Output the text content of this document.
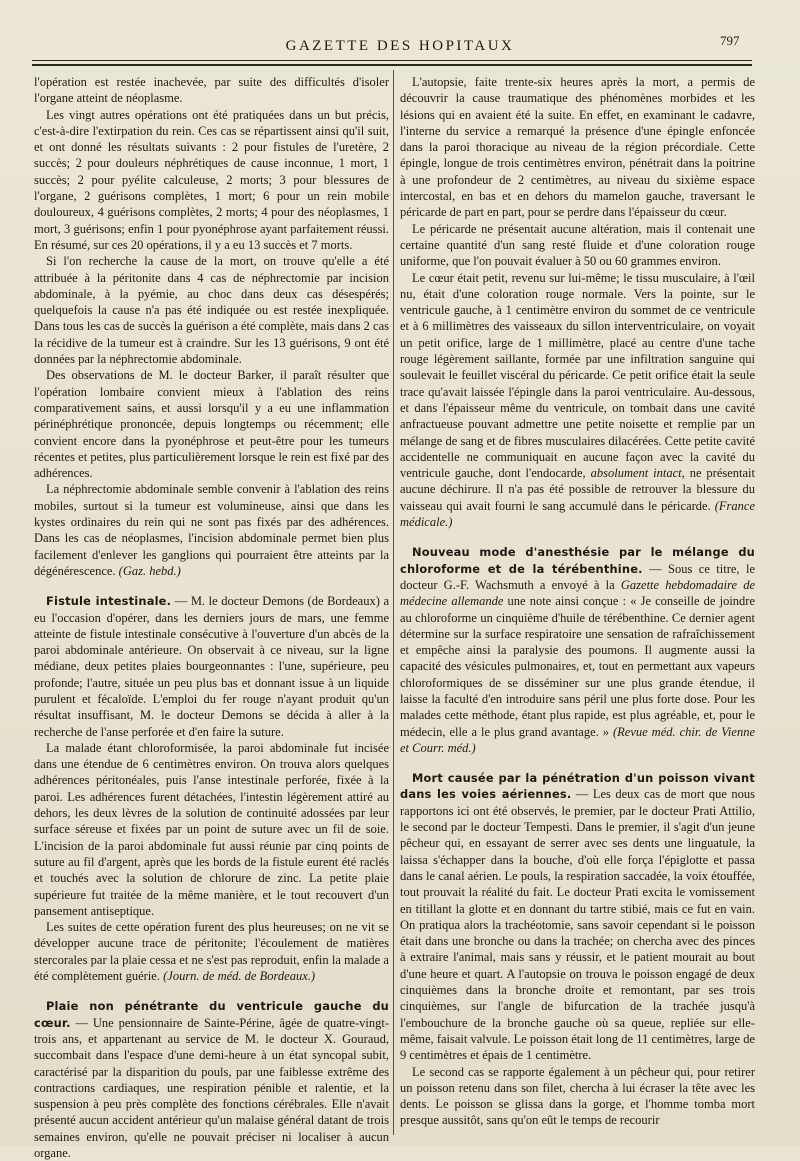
GAZETTE DES HOPITAUX	797

l'opération est restée inachevée, par suite des difficultés d'isoler l'organe atteint de néoplasme.

Les vingt autres opérations ont été pratiquées dans un but précis, c'est-à-dire l'extirpation du rein. Ces cas se répartissent ainsi qu'il suit, et ont donné les résultats suivants : 2 pour fistules de l'uretère, 2 succès; 2 pour douleurs néphrétiques de cause inconnue, 1 mort, 1 succès; 2 pour pyélite calculeuse, 2 morts; 3 pour blessures de l'organe, 2 guérisons complètes, 1 mort; 6 pour un rein mobile douloureux, 4 guérisons complètes, 2 morts; 4 pour des néoplasmes, 1 mort, 3 guérisons; enfin 1 pour pyonéphrose ayant parfaitement réussi. En résumé, sur ces 20 opérations, il y a eu 13 succès et 7 morts.

Si l'on recherche la cause de la mort, on trouve qu'elle a été attribuée à la péritonite dans 4 cas de néphrectomie par incision abdominale, à la pyémie, au choc dans deux cas désespérés; quelquefois la cause n'a pas été indiquée ou est restée inexpliquée. Dans tous les cas de succès la guérison a été complète, mais dans 2 cas la récidive de la tumeur est à craindre. Sur les 13 guérisons, 9 ont été données par la néphrectomie abdominale.

Des observations de M. le docteur Barker, il paraît résulter que l'opération lombaire convient mieux à l'ablation des reins comparativement sains, et aussi lorsqu'il y a eu une inflammation périnéphrétique prononcée, depuis longtemps ou récemment; elle convient encore dans la pyonéphrose et peut-être pour les tumeurs récentes et petites, plus particulièrement lorsque le rein est fixé par des adhérences.

La néphrectomie abdominale semble convenir à l'ablation des reins mobiles, surtout si la tumeur est volumineuse, ainsi que dans les kystes ordinaires du rein qui ne sont pas fixés par des adhérences. Dans les cas de néoplasmes, l'incision abdominale permet bien plus facilement d'enlever les ganglions qui pourraient être atteints par la dégénérescence. (Gaz. hebd.)

Fistule intestinale. — M. le docteur Demons (de Bordeaux) a eu l'occasion d'opérer, dans les derniers jours de mars, une femme atteinte de fistule intestinale consécutive à l'ouverture d'un abcès de la paroi abdominale antérieure. On observait à ce niveau, sur la ligne médiane, deux petites plaies bourgeonnantes : l'une, supérieure, peu profonde; l'autre, située un peu plus bas et donnant issue à un liquide purulent et fécaloïde. L'emploi du fer rouge n'ayant produit qu'un résultat insuffisant, M. le docteur Demons se décida à aller à la recherche de l'anse perforée et d'en faire la suture.

La malade étant chloroformisée, la paroi abdominale fut incisée dans une étendue de 6 centimètres environ. On trouva alors quelques adhérences péritonéales, puis l'anse intestinale perforée, fixée à la paroi. Les adhérences furent détachées, l'intestin légèrement attiré au dehors, les deux lèvres de la solution de continuité adossées par leur surface séreuse et fixées par un point de suture avec un fil de soie. L'incision de la paroi abdominale fut aussi réunie par cinq points de suture au fil d'argent, après que les bords de la fistule eurent été raclés et touchés avec la solution de chlorure de zinc. La petite plaie supérieure fut traitée de la même manière, et le tout recouvert d'un pansement antiseptique.

Les suites de cette opération furent des plus heureuses; on ne vit se développer aucune trace de péritonite; l'écoulement de matières stercorales par la plaie cessa et ne s'est pas reproduit, enfin la malade a été complètement guérie. (Journ. de méd. de Bordeaux.)

Plaie non pénétrante du ventricule gauche du cœur. — Une pensionnaire de Sainte-Périne, âgée de quatre-vingt-trois ans, et appartenant au service de M. le docteur X. Gouraud, succombait dans l'espace d'une demi-heure à un état syncopal subit, caractérisé par la disparition du pouls, par une faiblesse extrême des contractions cardiaques, une respiration pénible et ralentie, et la suspension à peu près complète des fonctions cérébrales. Elle n'avait présenté aucun accident antérieur qu'un malaise général datant de trois semaines environ, qu'elle ne pouvait préciser ni localiser à aucun organe.

L'autopsie, faite trente-six heures après la mort, a permis de découvrir la cause traumatique des phénomènes morbides et les lésions qui en avaient été la suite. En effet, en examinant le cadavre, l'interne du service a remarqué la présence d'une épingle enfoncée dans la paroi thoracique au niveau de la région précordiale. Cette épingle, longue de trois centimètres environ, pénétrait dans la poitrine à une profondeur de 2 centimètres, au niveau du sixième espace intercostal, en bas et en dehors du mamelon gauche, traversant le péricarde de part en part, pour se perdre dans l'épaisseur du cœur.

Le péricarde ne présentait aucune altération, mais il contenait une certaine quantité d'un sang resté fluide et d'une coloration rouge uniforme, que l'on pouvait évaluer à 50 ou 60 grammes environ.

Le cœur était petit, revenu sur lui-même; le tissu musculaire, à l'œil nu, était d'une coloration rouge normale. Vers la pointe, sur le ventricule gauche, à 1 centimètre environ du sommet de ce ventricule et à 6 millimètres des vaisseaux du sillon interventriculaire, on voyait un petit orifice, large de 1 millimètre, placé au centre d'une tache rouge légèrement saillante, formée par une infiltration sanguine qui soulevait le feuillet viscéral du péricarde. Ce petit orifice était la seule trace qu'avait laissée l'épingle dans la paroi ventriculaire. Au-dessous, et dans l'épaisseur même du ventricule, on tombait dans une cavité anfractueuse pouvant admettre une petite noisette et remplie par un mélange de sang et de fibres musculaires dilacérées. Cette petite cavité accidentelle ne communiquait en aucune façon avec la cavité du ventricule gauche, dont l'endocarde, absolument intact, ne présentait aucune déchirure. Il n'a pas été possible de retrouver la blessure du vaisseau qui avait fourni le sang accumulé dans le péricarde. (France médicale.)

Nouveau mode d'anesthésie par le mélange du chloroforme et de la térébenthine. — Sous ce titre, le docteur G.-F. Wachsmuth a envoyé à la Gazette hebdomadaire de médecine allemande une note ainsi conçue : « Je conseille de joindre au chloroforme un cinquième d'huile de térébenthine. Ce dernier agent détermine sur la surface respiratoire une sensation de rafraîchissement et empêche ainsi la paralysie des poumons. Il augmente aussi la capacité des vésicules pulmonaires, et, tout en permettant aux vapeurs chloroformiques de se disséminer sur une plus grande étendue, il laisse la faculté d'en introduire sans péril une plus forte dose. Pour les malades cette méthode, étant plus rapide, est plus agréable, et, pour le médecin, elle a le plus grand avantage. » (Revue méd. chir. de Vienne et Courr. méd.)

Mort causée par la pénétration d'un poisson vivant dans les voies aériennes. — Les deux cas de mort que nous rapportons ici ont été observés, le premier, par le docteur Prati Attilio, le second par le docteur Tempesti. Dans le premier, il s'agit d'un jeune pêcheur qui, en essayant de serrer avec ses dents une linguatule, la laissa s'échapper dans la bouche, d'où elle força l'épiglotte et passa dans le canal aérien. Le pouls, la respiration saccadée, la voix étouffée, tout prouvait la réalité du fait. Le docteur Prati excita le vomissement en titillant la glotte et en donnant du tartre stibié, mais ce fut en vain. On pratiqua alors la trachéotomie, sans savoir cependant si le poisson était dans une bronche ou dans la trachée; on chercha avec des pinces à extraire l'animal, mais sans y réussir, et le patient mourait au bout d'une heure et quart. A l'autopsie on trouva le poisson engagé de deux cinquièmes dans la bronche droite et remontant, par ses trois cinquièmes, sur l'angle de bifurcation de la trachée jusqu'à l'embouchure de la bronche gauche où sa queue, repliée sur elle-même, faisait valvule. Le poisson était long de 11 centimètres, large de 9 centimètres et épais de 1 centimètre.

Le second cas se rapporte également à un pêcheur qui, pour retirer un poisson retenu dans son filet, chercha à lui écraser la tête avec les dents. Le poisson se glissa dans la gorge, et l'homme tomba mort presque aussitôt, sans qu'on eût le temps de recourir
